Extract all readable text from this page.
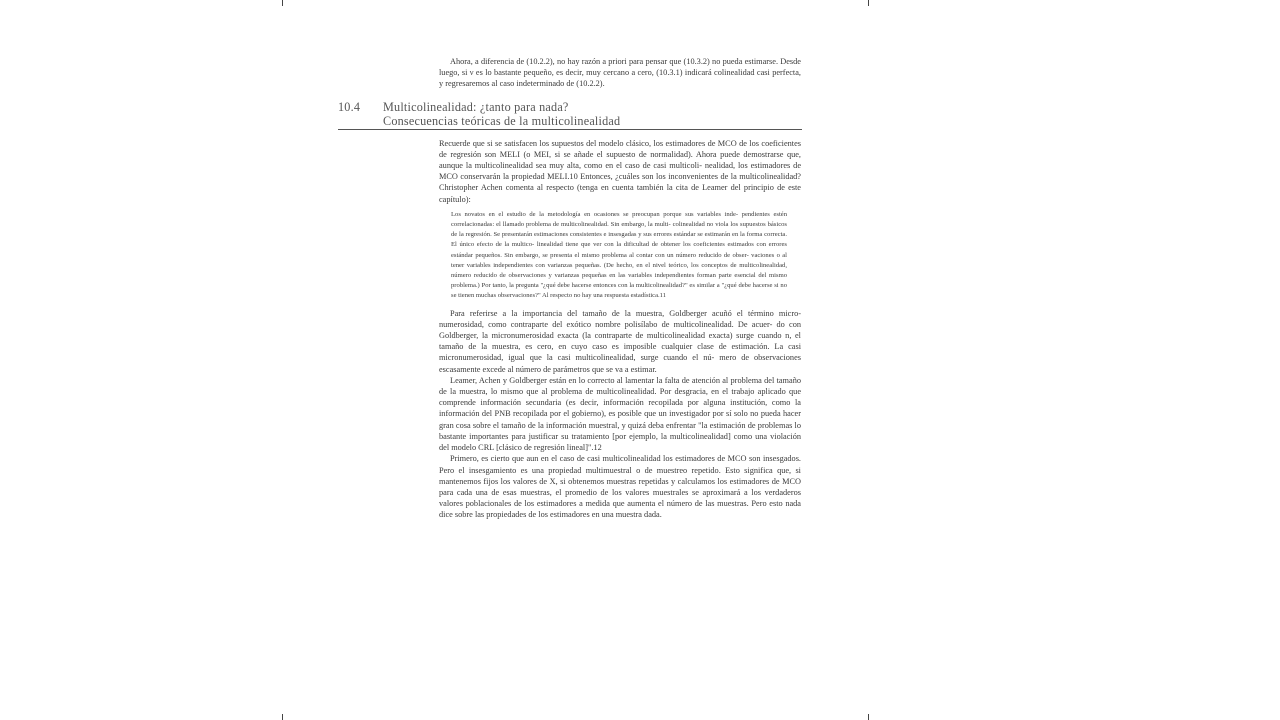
Ahora, a diferencia de (10.2.2), no hay razón a priori para pensar que (10.3.2) no pueda estimarse. Desde luego, si ν es lo bastante pequeño, es decir, muy cercano a cero, (10.3.1) indicará colinealidad casi perfecta, y regresaremos al caso indeterminado de (10.2.2).

10.4	Multicolinealidad: ¿tanto para nada?
Consecuencias teóricas de la multicolinealidad

Recuerde que si se satisfacen los supuestos del modelo clásico, los estimadores de MCO de los coeficientes de regresión son MELI (o MEI, si se añade el supuesto de normalidad). Ahora puede demostrarse que, aunque la multicolinealidad sea muy alta, como en el caso de casi multicoli- nealidad, los estimadores de MCO conservarán la propiedad MELI.10 Entonces, ¿cuáles son los inconvenientes de la multicolinealidad? Christopher Achen comenta al respecto (tenga en cuenta también la cita de Leamer del principio de este capítulo):

Los novatos en el estudio de la metodología en ocasiones se preocupan porque sus variables inde- pendientes estén correlacionadas: el llamado problema de multicolinealidad. Sin embargo, la multi- colinealidad no viola los supuestos básicos de la regresión. Se presentarán estimaciones consistentes e insesgadas y sus errores estándar se estimarán en la forma correcta. El único efecto de la multico- linealidad tiene que ver con la dificultad de obtener los coeficientes estimados con errores estándar pequeños. Sin embargo, se presenta el mismo problema al contar con un número reducido de obser- vaciones o al tener variables independientes con varianzas pequeñas. (De hecho, en el nivel teórico, los conceptos de multicolinealidad, número reducido de observaciones y varianzas pequeñas en las variables independientes forman parte esencial del mismo problema.) Por tanto, la pregunta "¿qué debe hacerse entonces con la multicolinealidad?" es similar a "¿qué debe hacerse si no se tienen muchas observaciones?" Al respecto no hay una respuesta estadística.11

Para referirse a la importancia del tamaño de la muestra, Goldberger acuñó el término micro- numerosidad, como contraparte del exótico nombre polisílabo de multicolinealidad. De acuer- do con Goldberger, la micronumerosidad exacta (la contraparte de multicolinealidad exacta) surge cuando n, el tamaño de la muestra, es cero, en cuyo caso es imposible cualquier clase de estimación. La casi micronumerosidad, igual que la casi multicolinealidad, surge cuando el nú- mero de observaciones escasamente excede al número de parámetros que se va a estimar.

Leamer, Achen y Goldberger están en lo correcto al lamentar la falta de atención al problema del tamaño de la muestra, lo mismo que al problema de multicolinealidad. Por desgracia, en el trabajo aplicado que comprende información secundaria (es decir, información recopilada por alguna institución, como la información del PNB recopilada por el gobierno), es posible que un investigador por sí solo no pueda hacer gran cosa sobre el tamaño de la información muestral, y quizá deba enfrentar "la estimación de problemas lo bastante importantes para justificar su tratamiento [por ejemplo, la multicolinealidad] como una violación del modelo CRL [clásico de regresión lineal]".12

Primero, es cierto que aun en el caso de casi multicolinealidad los estimadores de MCO son insesgados. Pero el insesgamiento es una propiedad multimuestral o de muestreo repetido. Esto significa que, si mantenemos fijos los valores de X, si obtenemos muestras repetidas y calculamos los estimadores de MCO para cada una de esas muestras, el promedio de los valores muestrales se aproximará a los verdaderos valores poblacionales de los estimadores a medida que aumenta el número de las muestras. Pero esto nada dice sobre las propiedades de los estimadores en una muestra dada.
